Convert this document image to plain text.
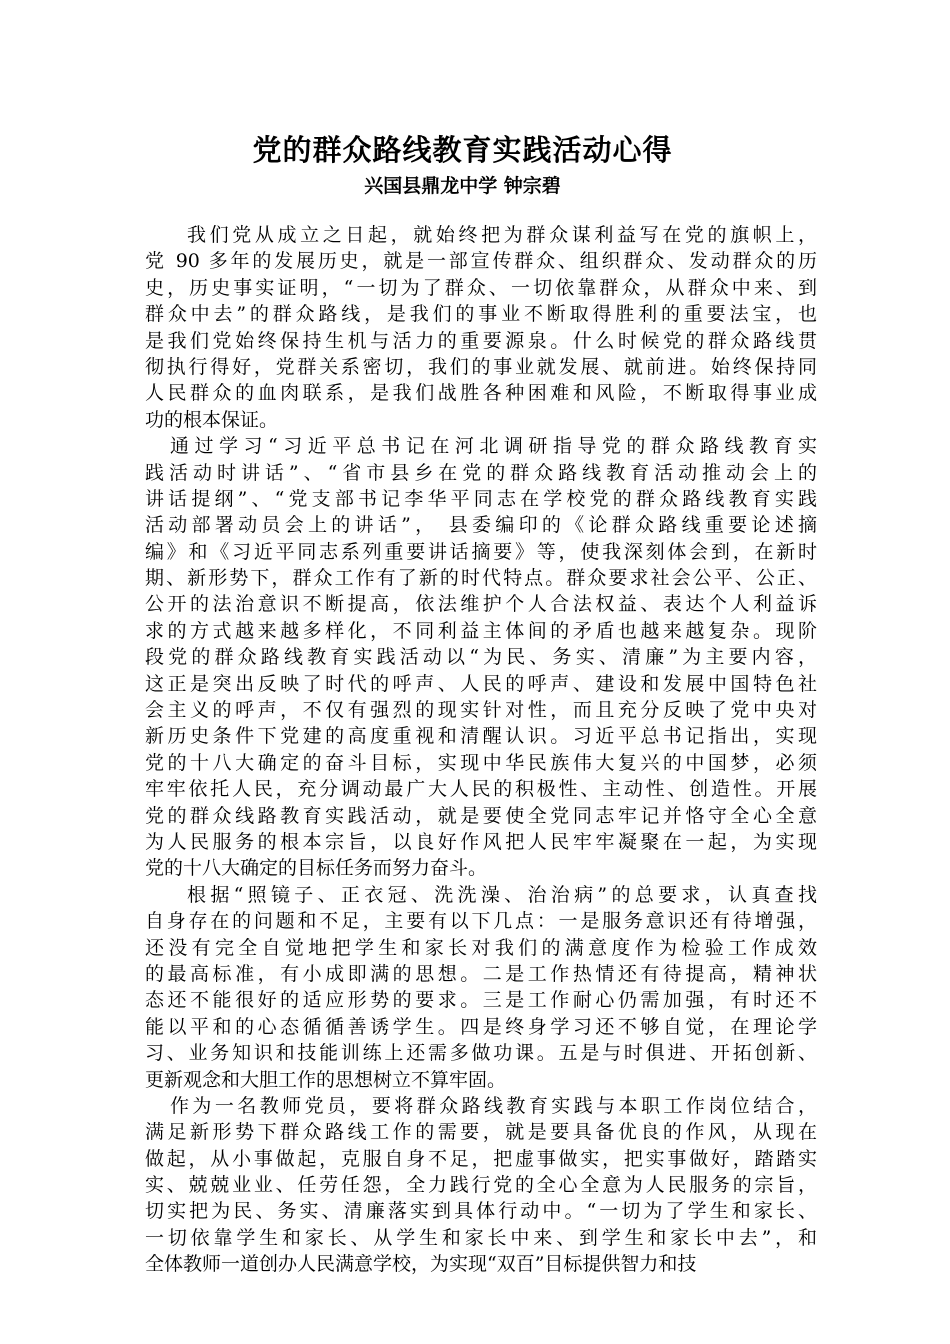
党的群众路线教育实践活动心得
兴国县鼎龙中学 钟宗碧
我们党从成立之日起，就始终把为群众谋利益写在党的旗帜上，
党 90 多年的发展历史，就是一部宣传群众、组织群众、发动群众的历
史，历史事实证明，“一切为了群众、一切依靠群众，从群众中来、到
群众中去”的群众路线，是我们的事业不断取得胜利的重要法宝，也
是我们党始终保持生机与活力的重要源泉。什么时候党的群众路线贯
彻执行得好，党群关系密切，我们的事业就发展、就前进。始终保持同
人民群众的血肉联系，是我们战胜各种困难和风险，不断取得事业成
功的根本保证。
通过学习“习近平总书记在河北调研指导党的群众路线教育实
践活动时讲话”、“省市县乡在党的群众路线教育活动推动会上的
讲话提纲”、“党支部书记李华平同志在学校党的群众路线教育实践
活动部署动员会上的讲话”， 县委编印的《论群众路线重要论述摘
编》和《习近平同志系列重要讲话摘要》等，使我深刻体会到，在新时
期、新形势下，群众工作有了新的时代特点。群众要求社会公平、公正、
公开的法治意识不断提高，依法维护个人合法权益、表达个人利益诉
求的方式越来越多样化，不同利益主体间的矛盾也越来越复杂。现阶
段党的群众路线教育实践活动以“为民、务实、清廉”为主要内容，
这正是突出反映了时代的呼声、人民的呼声、建设和发展中国特色社
会主义的呼声，不仅有强烈的现实针对性，而且充分反映了党中央对
新历史条件下党建的高度重视和清醒认识。习近平总书记指出，实现
党的十八大确定的奋斗目标，实现中华民族伟大复兴的中国梦，必须
牢牢依托人民，充分调动最广大人民的积极性、主动性、创造性。开展
党的群众线路教育实践活动，就是要使全党同志牢记并恪守全心全意
为人民服务的根本宗旨，以良好作风把人民牢牢凝聚在一起，为实现
党的十八大确定的目标任务而努力奋斗。
根据“照镜子、正衣冠、洗洗澡、治治病”的总要求，认真查找
自身存在的问题和不足，主要有以下几点：一是服务意识还有待增强，
还没有完全自觉地把学生和家长对我们的满意度作为检验工作成效
的最高标准，有小成即满的思想。二是工作热情还有待提高，精神状
态还不能很好的适应形势的要求。三是工作耐心仍需加强，有时还不
能以平和的心态循循善诱学生。四是终身学习还不够自觉，在理论学
习、业务知识和技能训练上还需多做功课。五是与时俱进、开拓创新、
更新观念和大胆工作的思想树立不算牢固。
作为一名教师党员，要将群众路线教育实践与本职工作岗位结合，
满足新形势下群众路线工作的需要，就是要具备优良的作风，从现在
做起，从小事做起，克服自身不足，把虚事做实，把实事做好，踏踏实
实、兢兢业业、任劳任怨，全力践行党的全心全意为人民服务的宗旨，
切实把为民、务实、清廉落实到具体行动中。“一切为了学生和家长、
一切依靠学生和家长、从学生和家长中来、到学生和家长中去”，和
全体教师一道创办人民满意学校，为实现“双百”目标提供智力和技
